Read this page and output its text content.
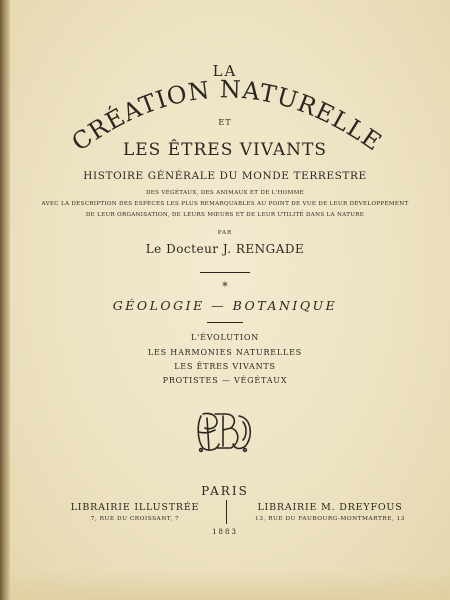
LA
CRÉATION NATURELLE
ET
LES ÊTRES VIVANTS
HISTOIRE GÉNÉRALE DU MONDE TERRESTRE
DES VÉGÉTAUX, DES ANIMAUX ET DE L'HOMME
AVEC LA DESCRIPTION DES ESPÈCES LES PLUS REMARQUABLES AU POINT DE VUE DE LEUR DÉVELOPPEMENT
DE LEUR ORGANISATION, DE LEURS MŒURS ET DE LEUR UTILITÉ DANS LA NATURE
PAR
Le Docteur J. RENGADE
*
GÉOLOGIE — BOTANIQUE
L'ÉVOLUTION
LES HARMONIES NATURELLES
LES ÊTRES VIVANTS
PROTISTES — VÉGÉTAUX
PARIS
LIBRAIRIE ILLUSTRÉE
7, RUE DU CROISSANT, 7
LIBRAIRIE M. DREYFOUS
13, RUE DU FAUBOURG-MONTMARTRE, 13
1883
